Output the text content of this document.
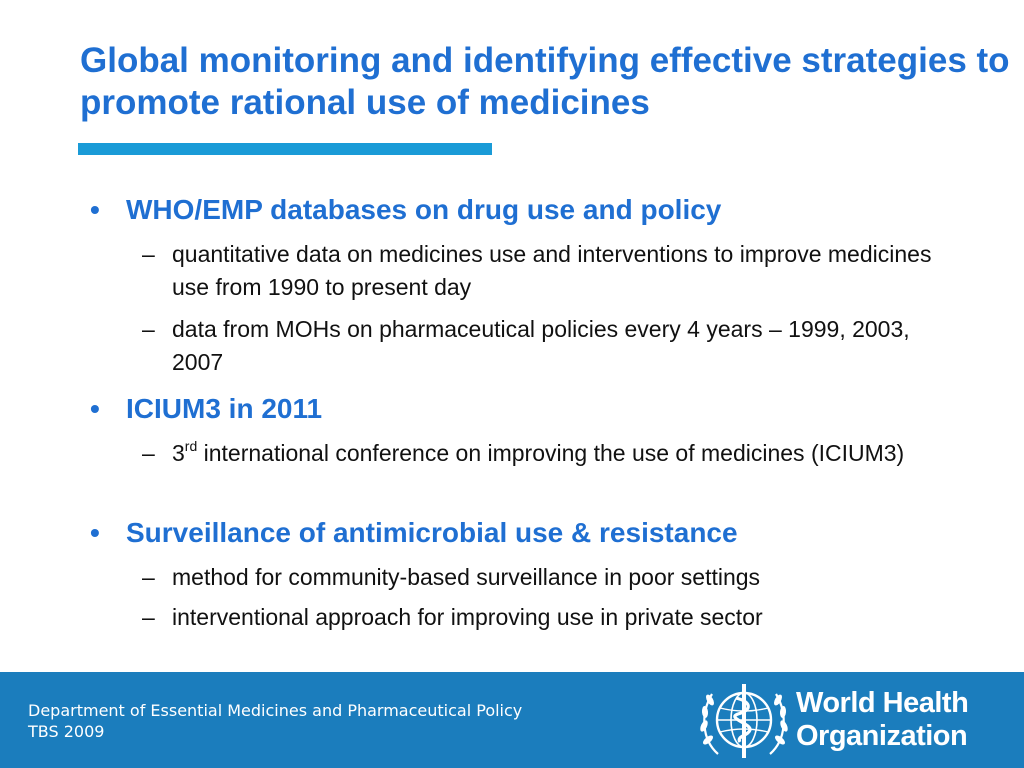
Global monitoring and identifying effective strategies to promote rational use of medicines
• WHO/EMP databases on drug use and policy
– quantitative data on medicines use and interventions to improve medicines use from 1990 to present day
– data from MOHs on pharmaceutical policies every 4 years – 1999, 2003, 2007
• ICIUM3 in 2011
– 3rd international conference on improving the use of medicines (ICIUM3)
• Surveillance of antimicrobial use & resistance
– method for community-based surveillance in poor settings
– interventional approach for improving use in private sector
Department of Essential Medicines and Pharmaceutical Policy
TBS 2009
World Health
Organization
